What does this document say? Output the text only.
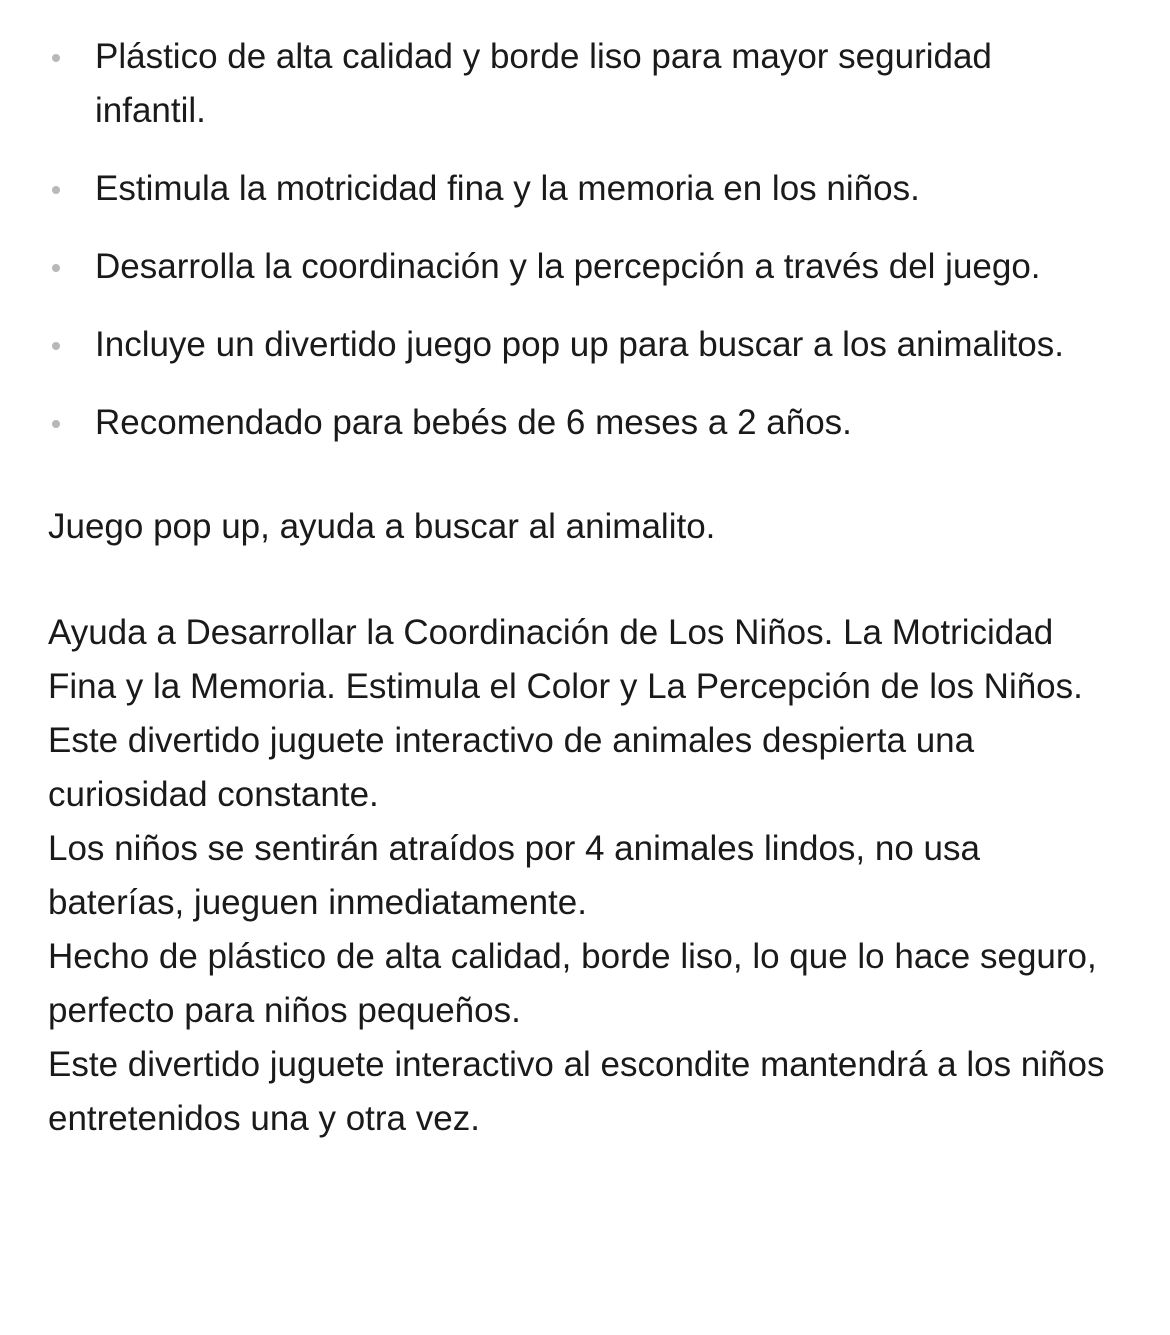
Plástico de alta calidad y borde liso para mayor seguridad infantil.
Estimula la motricidad fina y la memoria en los niños.
Desarrolla la coordinación y la percepción a través del juego.
Incluye un divertido juego pop up para buscar a los animalitos.
Recomendado para bebés de 6 meses a 2 años.

Juego pop up, ayuda a buscar al animalito.

Ayuda a Desarrollar la Coordinación de Los Niños. La Motricidad Fina y la Memoria. Estimula el Color y La Percepción de los Niños.
Este divertido juguete interactivo de animales despierta una curiosidad constante.
Los niños se sentirán atraídos por 4 animales lindos, no usa baterías, jueguen inmediatamente.
Hecho de plástico de alta calidad, borde liso, lo que lo hace seguro, perfecto para niños pequeños.
Este divertido juguete interactivo al escondite mantendrá a los niños entretenidos una y otra vez.
